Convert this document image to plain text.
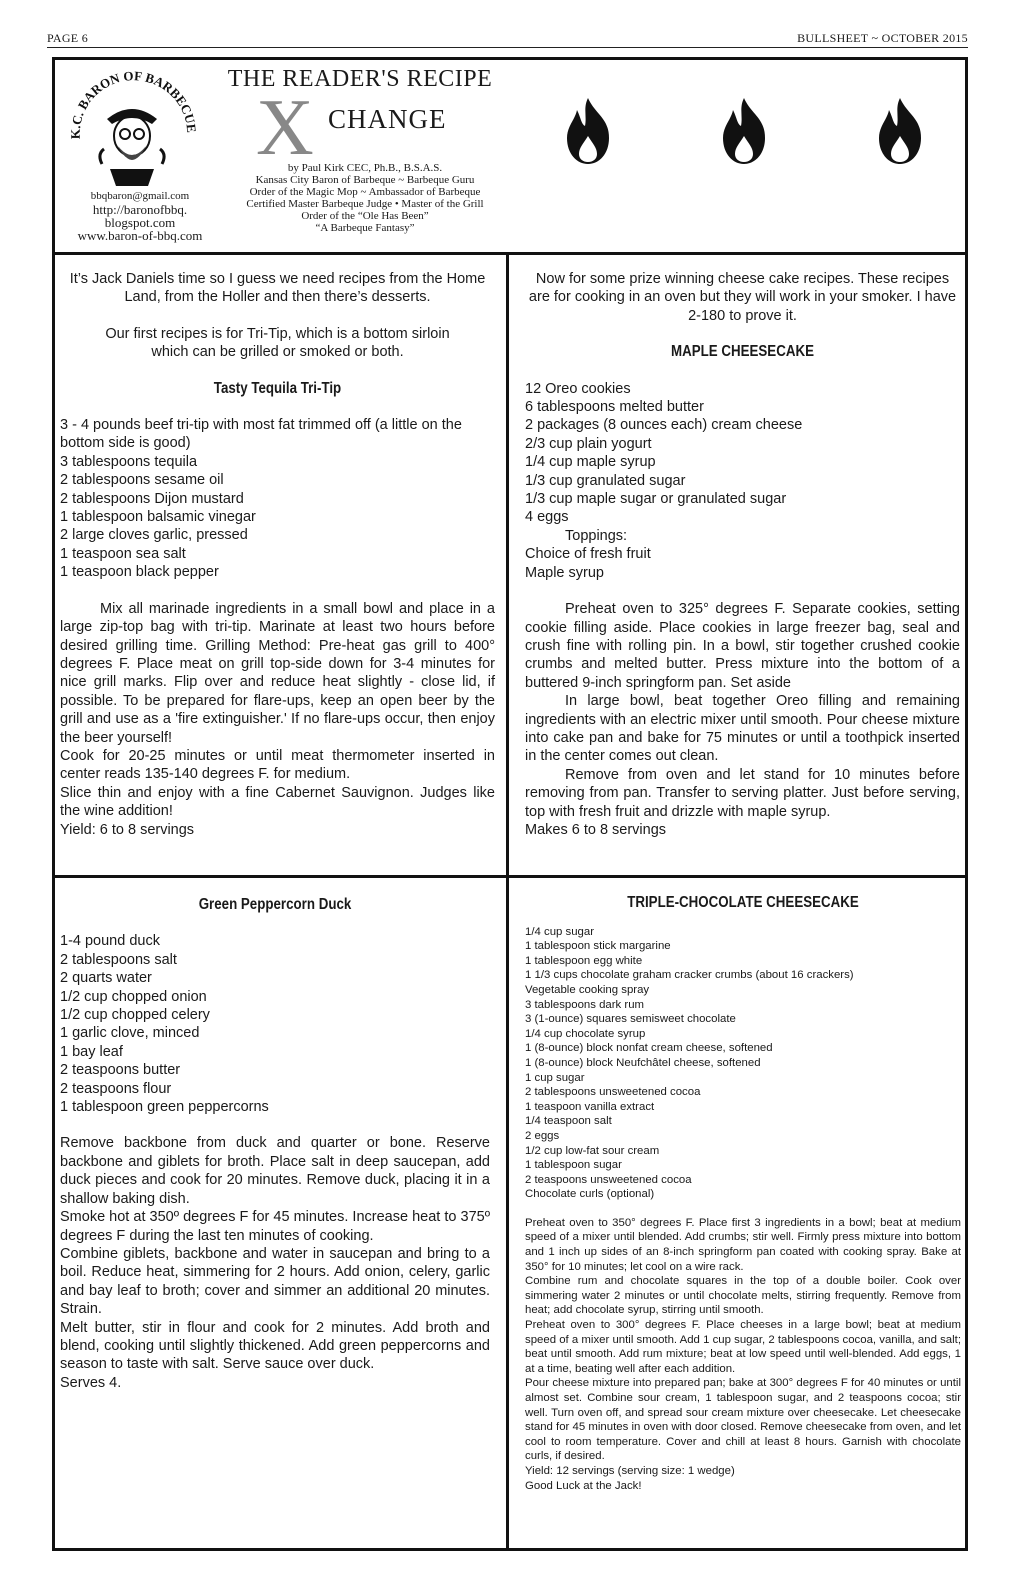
PAGE 6	BULLSHEET ~ OCTOBER 2015
K.C. BARON OF BARBECUE
bbqbaron@gmail.com
http://baronofbbq.
blogspot.com
www.baron-of-bbq.com
THE READER'S RECIPE
X CHANGE
by Paul Kirk CEC, Ph.B., B.S.A.S.
Kansas City Baron of Barbeque ~ Barbeque Guru
Order of the Magic Mop ~ Ambassador of Barbeque
Certified Master Barbeque Judge • Master of the Grill
Order of the “Ole Has Been”
“A Barbeque Fantasy”

It’s Jack Daniels time so I guess we need recipes from the Home Land, from the Holler and then there’s desserts.

Our first recipes is for Tri-Tip, which is a bottom sirloin which can be grilled or smoked or both.

Tasty Tequila Tri-Tip

3 - 4 pounds beef tri-tip with most fat trimmed off (a little on the bottom side is good)

3 tablespoons tequila

2 tablespoons sesame oil

2 tablespoons Dijon mustard

1 tablespoon balsamic vinegar

2 large cloves garlic, pressed

1 teaspoon sea salt

1 teaspoon black pepper

Mix all marinade ingredients in a small bowl and place in a large zip-top bag with tri-tip. Marinate at least two hours before desired grilling time. Grilling Method: Pre-heat gas grill to 400° degrees F. Place meat on grill top-side down for 3-4 minutes for nice grill marks. Flip over and reduce heat slightly - close lid, if possible. To be prepared for flare-ups, keep an open beer by the grill and use as a 'fire extinguisher.' If no flare-ups occur, then enjoy the beer yourself!

Cook for 20-25 minutes or until meat thermometer inserted in center reads 135-140 degrees F. for medium.

Slice thin and enjoy with a fine Cabernet Sauvignon. Judges like the wine addition!

Yield: 6 to 8 servings

Now for some prize winning cheese cake recipes. These recipes are for cooking in an oven but they will work in your smoker. I have 2-180 to prove it.

MAPLE CHEESECAKE

12 Oreo cookies

6 tablespoons melted butter

2 packages (8 ounces each) cream cheese

2/3 cup plain yogurt

1/4 cup maple syrup

1/3 cup granulated sugar

1/3 cup maple sugar or granulated sugar

4 eggs

Toppings:

Choice of fresh fruit

Maple syrup

Preheat oven to 325° degrees F. Separate cookies, setting cookie filling aside. Place cookies in large freezer bag, seal and crush fine with rolling pin. In a bowl, stir together crushed cookie crumbs and melted butter. Press mixture into the bottom of a buttered 9-inch springform pan. Set aside

In large bowl, beat together Oreo filling and remaining ingredients with an electric mixer until smooth. Pour cheese mixture into cake pan and bake for 75 minutes or until a toothpick inserted in the center comes out clean.

Remove from oven and let stand for 10 minutes before removing from pan. Transfer to serving platter. Just before serving, top with fresh fruit and drizzle with maple syrup.

Makes 6 to 8 servings

Green Peppercorn Duck

1-4 pound duck

2 tablespoons salt

2 quarts water

1/2 cup chopped onion

1/2 cup chopped celery

1 garlic clove, minced

1 bay leaf

2 teaspoons butter

2 teaspoons flour

1 tablespoon green peppercorns

Remove backbone from duck and quarter or bone. Reserve backbone and giblets for broth. Place salt in deep saucepan, add duck pieces and cook for 20 minutes. Remove duck, placing it in a shallow baking dish.

Smoke hot at 350º degrees F for 45 minutes. Increase heat to 375º degrees F during the last ten minutes of cooking.

Combine giblets, backbone and water in saucepan and bring to a boil. Reduce heat, simmering for 2 hours. Add onion, celery, garlic and bay leaf to broth; cover and simmer an additional 20 minutes. Strain.

Melt butter, stir in flour and cook for 2 minutes. Add broth and blend, cooking until slightly thickened. Add green peppercorns and season to taste with salt. Serve sauce over duck.

Serves 4.

TRIPLE-CHOCOLATE CHEESECAKE

1/4 cup sugar

1 tablespoon stick margarine

1 tablespoon egg white

1 1/3 cups chocolate graham cracker crumbs (about 16 crackers)

Vegetable cooking spray

3 tablespoons dark rum

3 (1-ounce) squares semisweet chocolate

1/4 cup chocolate syrup

1 (8-ounce) block nonfat cream cheese, softened

1 (8-ounce) block Neufchâtel cheese, softened

1 cup sugar

2 tablespoons unsweetened cocoa

1 teaspoon vanilla extract

1/4 teaspoon salt

2 eggs

1/2 cup low-fat sour cream

1 tablespoon sugar

2 teaspoons unsweetened cocoa

Chocolate curls (optional)

Preheat oven to 350° degrees F. Place first 3 ingredients in a bowl; beat at medium speed of a mixer until blended. Add crumbs; stir well. Firmly press mixture into bottom and 1 inch up sides of an 8-inch springform pan coated with cooking spray. Bake at 350° for 10 minutes; let cool on a wire rack.

Combine rum and chocolate squares in the top of a double boiler. Cook over simmering water 2 minutes or until chocolate melts, stirring frequently. Remove from heat; add chocolate syrup, stirring until smooth.

Preheat oven to 300° degrees F. Place cheeses in a large bowl; beat at medium speed of a mixer until smooth. Add 1 cup sugar, 2 tablespoons cocoa, vanilla, and salt; beat until smooth. Add rum mixture; beat at low speed until well-blended. Add eggs, 1 at a time, beating well after each addition.

Pour cheese mixture into prepared pan; bake at 300° degrees F for 40 minutes or until almost set. Combine sour cream, 1 tablespoon sugar, and 2 teaspoons cocoa; stir well. Turn oven off, and spread sour cream mixture over cheesecake. Let cheesecake stand for 45 minutes in oven with door closed. Remove cheesecake from oven, and let cool to room temperature. Cover and chill at least 8 hours. Garnish with chocolate curls, if desired.

Yield: 12 servings (serving size: 1 wedge)

Good Luck at the Jack!
